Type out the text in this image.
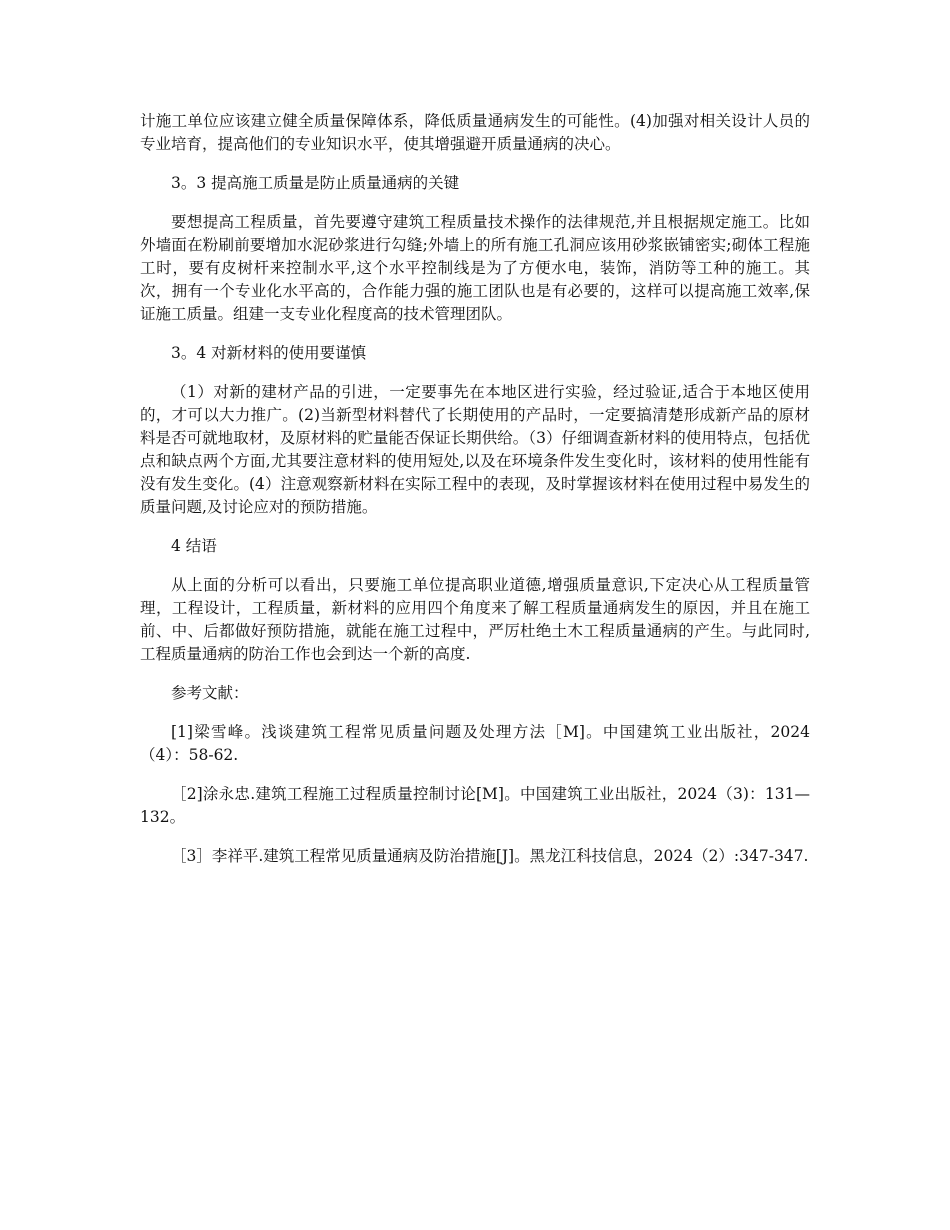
计施工单位应该建立健全质量保障体系，降低质量通病发生的可能性。(4)加强对相关设计人员的专业培育，提高他们的专业知识水平，使其增强避开质量通病的决心。

3。3 提高施工质量是防止质量通病的关键

要想提高工程质量，首先要遵守建筑工程质量技术操作的法律规范,并且根据规定施工。比如外墙面在粉刷前要增加水泥砂浆进行勾缝;外墙上的所有施工孔洞应该用砂浆嵌铺密实;砌体工程施工时，要有皮树杆来控制水平,这个水平控制线是为了方便水电，装饰，消防等工种的施工。其次，拥有一个专业化水平高的，合作能力强的施工团队也是有必要的，这样可以提高施工效率,保证施工质量。组建一支专业化程度高的技术管理团队。

3。4 对新材料的使用要谨慎

（1）对新的建材产品的引进，一定要事先在本地区进行实验，经过验证,适合于本地区使用的，才可以大力推广。(2)当新型材料替代了长期使用的产品时，一定要搞清楚形成新产品的原材料是否可就地取材，及原材料的贮量能否保证长期供给。（3）仔细调查新材料的使用特点，包括优点和缺点两个方面,尤其要注意材料的使用短处,以及在环境条件发生变化时，该材料的使用性能有没有发生变化。(4）注意观察新材料在实际工程中的表现，及时掌握该材料在使用过程中易发生的质量问题,及讨论应对的预防措施。

4 结语

从上面的分析可以看出，只要施工单位提高职业道德,增强质量意识,下定决心从工程质量管理，工程设计，工程质量，新材料的应用四个角度来了解工程质量通病发生的原因，并且在施工前、中、后都做好预防措施，就能在施工过程中，严厉杜绝土木工程质量通病的产生。与此同时,工程质量通病的防治工作也会到达一个新的高度.

参考文献：

[1]梁雪峰。浅谈建筑工程常见质量问题及处理方法［M]。中国建筑工业出版社，2024（4）：58-62.

［2]涂永忠.建筑工程施工过程质量控制讨论[M]。中国建筑工业出版社，2024（3)：131—132。

［3］李祥平.建筑工程常见质量通病及防治措施[J]。黑龙江科技信息，2024（2）:347-347.
